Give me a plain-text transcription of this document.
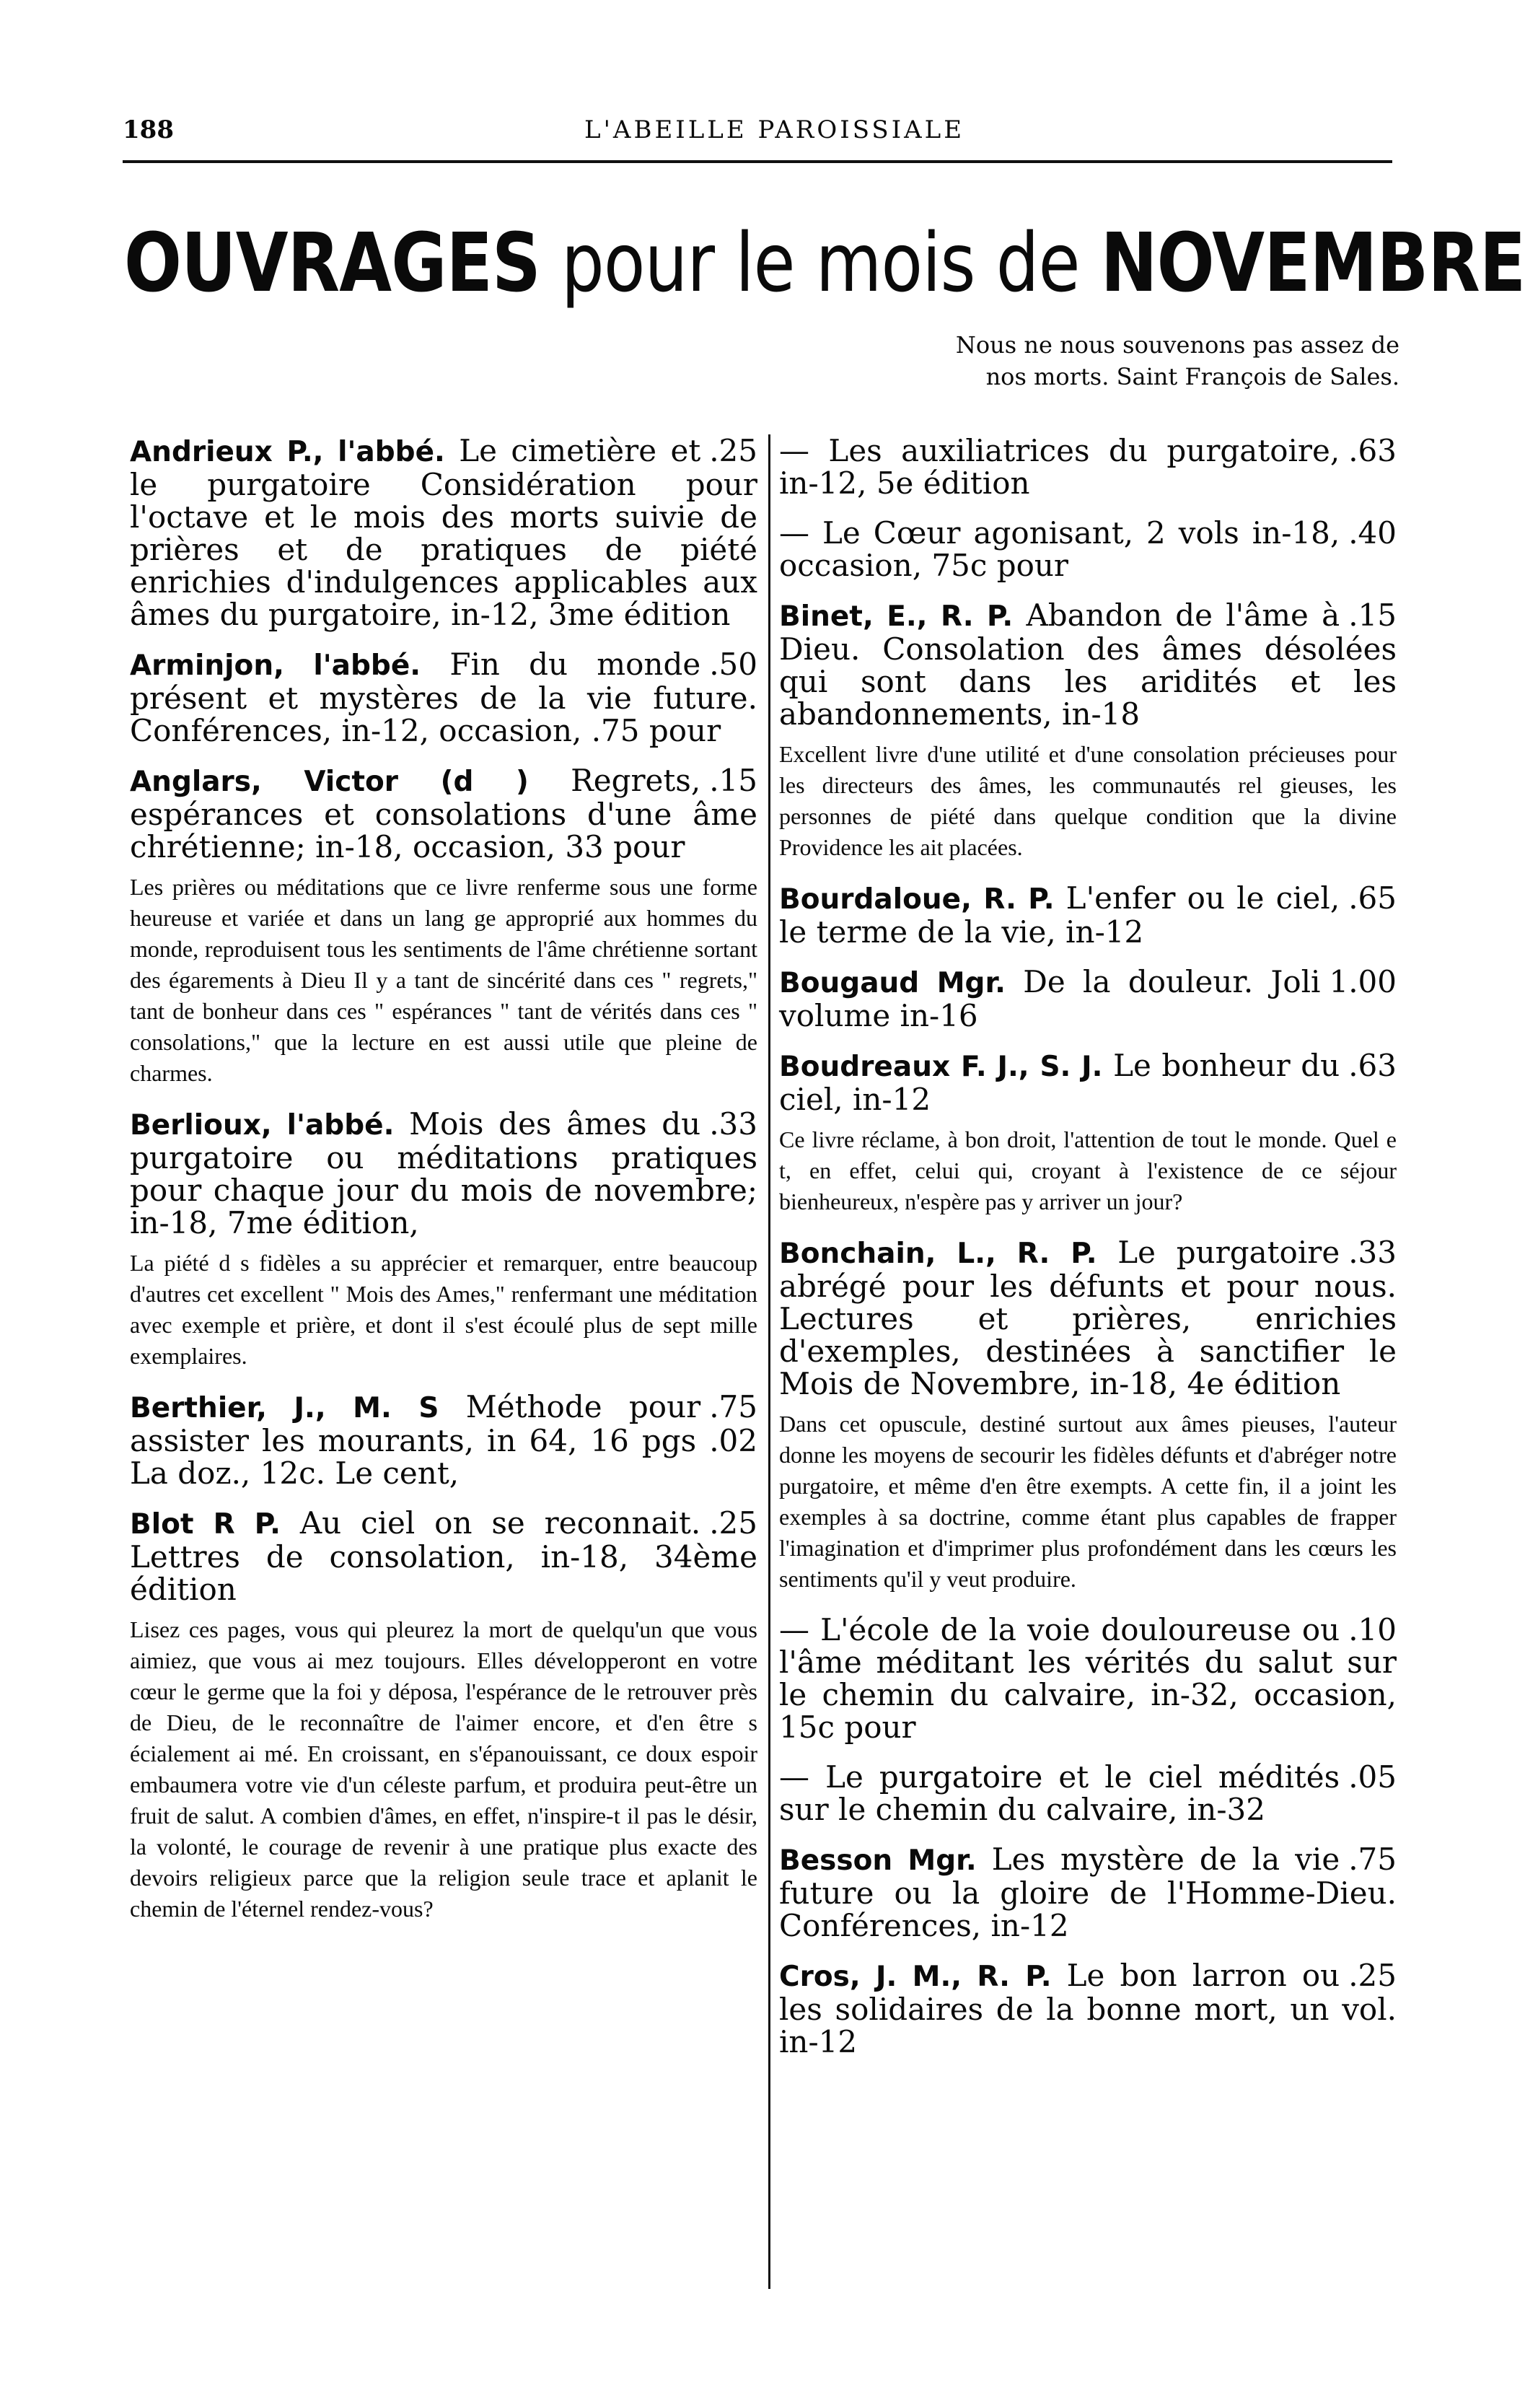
188	L'ABEILLE PAROISSIALE
OUVRAGES pour le mois de NOVEMBRE
Nous ne nous souvenons pas assez de
nos morts. Saint François de Sales.
.25
Andrieux P., l'abbé. Le cimetière et le purgatoire Considération pour l'octave et le mois des morts suivie de prières et de pratiques de piété enrichies d'indulgences applicables aux âmes du purgatoire, in-12, 3me édition
.50
Arminjon, l'abbé. Fin du monde présent et mystères de la vie future. Conférences, in-12, occasion, .75 pour
.15
Anglars, Victor (d ) Regrets, espérances et consolations d'une âme chrétienne; in-18, occasion, 33 pour
Les prières ou méditations que ce livre renferme sous une forme heureuse et variée et dans un lang ge approprié aux hommes du monde, reproduisent tous les sentiments de l'âme chrétienne sortant des égarements à Dieu Il y a tant de sincérité dans ces " regrets," tant de bonheur dans ces " espérances " tant de vérités dans ces " consolations," que la lecture en est aussi utile que pleine de charmes.
.33
Berlioux, l'abbé. Mois des âmes du purgatoire ou méditations pratiques pour chaque jour du mois de novembre; in-18, 7me édition,
La piété d s fidèles a su apprécier et remarquer, entre beaucoup d'autres cet excellent " Mois des Ames," renfermant une méditation avec exemple et prière, et dont il s'est écoulé plus de sept mille exemplaires.
.75
Berthier, J., M. S Méthode pour assister les mourants, in 64, 16 pgs .02 La doz., 12c. Le cent,
.25
Blot R P. Au ciel on se reconnait. Lettres de consolation, in-18, 34ème édition
Lisez ces pages, vous qui pleurez la mort de quelqu'un que vous aimiez, que vous ai mez toujours. Elles développeront en votre cœur le germe que la foi y déposa, l'espérance de le retrouver près de Dieu, de le reconnaître de l'aimer encore, et d'en être s écialement ai mé. En croissant, en s'épanouissant, ce doux espoir embaumera votre vie d'un céleste parfum, et produira peut-être un fruit de salut. A combien d'âmes, en effet, n'inspire-t il pas le désir, la volonté, le courage de revenir à une pratique plus exacte des devoirs religieux parce que la religion seule trace et aplanit le chemin de l'éternel rendez-vous?
.63
— Les auxiliatrices du purgatoire, in-12, 5e édition
.40
— Le Cœur agonisant, 2 vols in-18, occasion, 75c pour
.15
Binet, E., R. P. Abandon de l'âme à Dieu. Consolation des âmes désolées qui sont dans les aridités et les abandonnements, in-18
Excellent livre d'une utilité et d'une consolation précieuses pour les directeurs des âmes, les communautés rel gieuses, les personnes de piété dans quelque condition que la divine Providence les ait placées.
.65
Bourdaloue, R. P. L'enfer ou le ciel, le terme de la vie, in-12
1.00
Bougaud Mgr. De la douleur. Joli volume in-16
.63
Boudreaux F. J., S. J. Le bonheur du ciel, in-12
Ce livre réclame, à bon droit, l'attention de tout le monde. Quel e t, en effet, celui qui, croyant à l'existence de ce séjour bienheureux, n'espère pas y arriver un jour?
.33
Bonchain, L., R. P. Le purgatoire abrégé pour les défunts et pour nous. Lectures et prières, enrichies d'exemples, destinées à sanctifier le Mois de Novembre, in-18, 4e édition
Dans cet opuscule, destiné surtout aux âmes pieuses, l'auteur donne les moyens de secourir les fidèles défunts et d'abréger notre purgatoire, et même d'en être exempts. A cette fin, il a joint les exemples à sa doctrine, comme étant plus capables de frapper l'imagination et d'imprimer plus profondément dans les cœurs les sentiments qu'il y veut produire.
.10
— L'école de la voie douloureuse ou l'âme méditant les vérités du salut sur le chemin du calvaire, in-32, occasion, 15c pour
.05
— Le purgatoire et le ciel médités sur le chemin du calvaire, in-32
.75
Besson Mgr. Les mystère de la vie future ou la gloire de l'Homme-Dieu. Conférences, in-12
.25
Cros, J. M., R. P. Le bon larron ou les solidaires de la bonne mort, un vol. in-12
